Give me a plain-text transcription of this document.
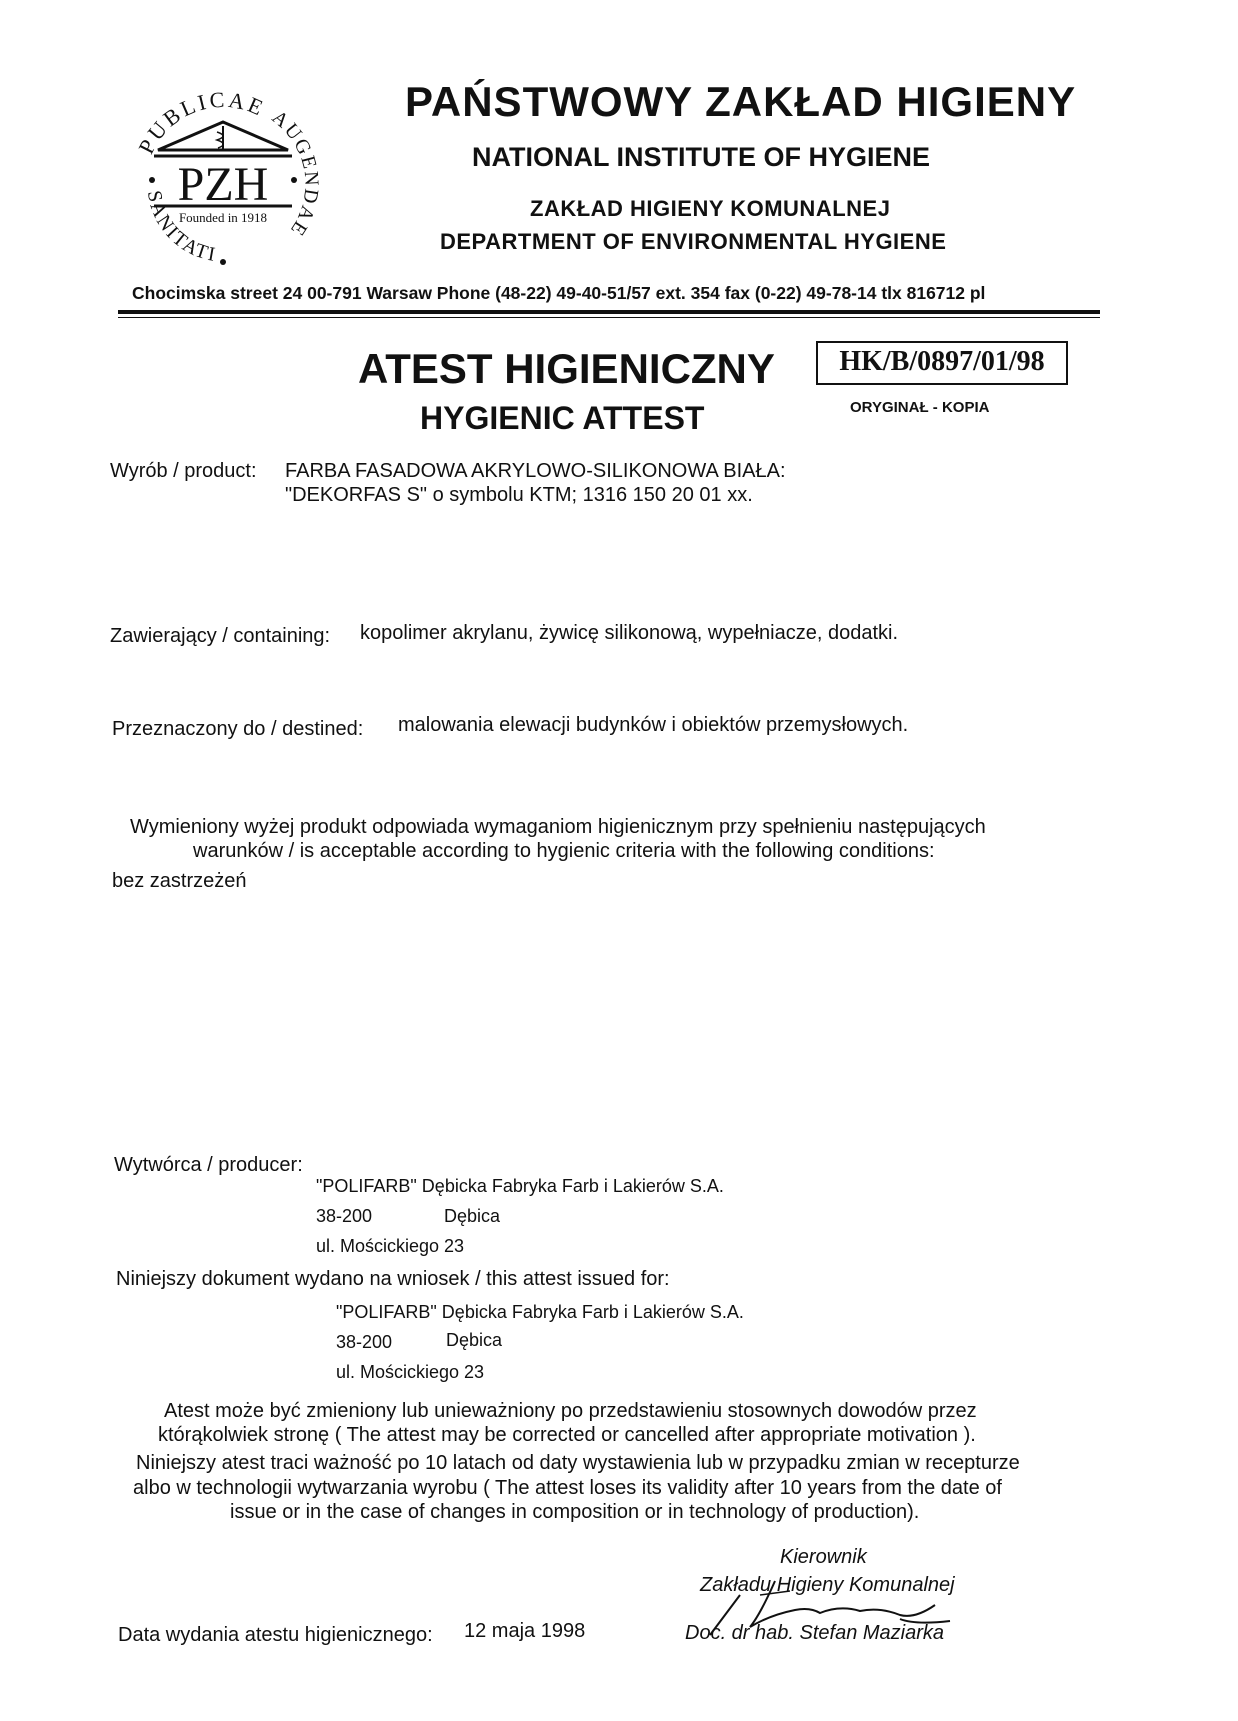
PUBLICAE
AUGENDAE
SANITATI
PZH
Founded in 1918
PAŃSTWOWY ZAKŁAD HIGIENY
NATIONAL INSTITUTE OF HYGIENE
ZAKŁAD HIGIENY KOMUNALNEJ
DEPARTMENT OF ENVIRONMENTAL HYGIENE
Chocimska street 24 00-791 Warsaw Phone (48-22) 49-40-51/57 ext. 354 fax (0-22) 49-78-14 tlx 816712 pl
ATEST HIGIENICZNY
HYGIENIC ATTEST
HK/B/0897/01/98
ORYGINAŁ - KOPIA
Wyrób / product: FARBA FASADOWA AKRYLOWO-SILIKONOWA BIAŁA:
"DEKORFAS S" o symbolu KTM; 1316 150 20 01 xx.
Zawierający / containing: kopolimer akrylanu, żywicę silikonową, wypełniacze, dodatki.
Przeznaczony do / destined: malowania elewacji budynków i obiektów przemysłowych.
Wymieniony wyżej produkt odpowiada wymaganiom higienicznym przy spełnieniu następujących
warunków / is acceptable according to hygienic criteria with the following conditions:
bez zastrzeżeń
Wytwórca / producer:
"POLIFARB" Dębicka Fabryka Farb i Lakierów S.A.
38-200	Dębica
ul. Mościckiego 23
Niniejszy dokument wydano na wniosek / this attest issued for:
"POLIFARB" Dębicka Fabryka Farb i Lakierów S.A.
38-200	Dębica
ul. Mościckiego 23
Atest może być zmieniony lub unieważniony po przedstawieniu stosownych dowodów przez
którąkolwiek stronę ( The attest may be corrected or cancelled after appropriate motivation ).
Niniejszy atest traci ważność po 10 latach od daty wystawienia lub w przypadku zmian w recepturze
albo w technologii wytwarzania wyrobu ( The attest loses its validity after 10 years from the date of
issue or in the case of changes in composition or in technology of production).
Kierownik
Zakładu Higieny Komunalnej
Doc. dr hab. Stefan Maziarka
Data wydania atestu higienicznego: 12 maja 1998
